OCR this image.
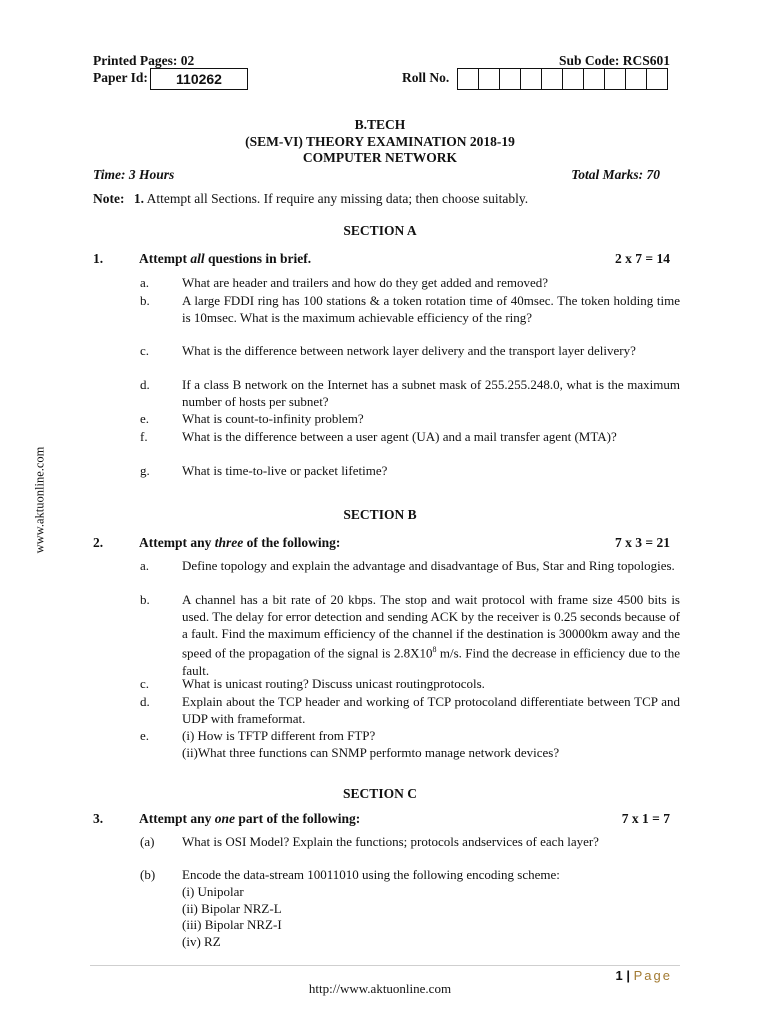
Printed Pages: 02	Sub Code: RCS601
Paper Id:	110262	Roll No.
B.TECH
(SEM-VI) THEORY EXAMINATION 2018-19
COMPUTER NETWORK
Time: 3 Hours	Total Marks: 70
Note: 1. Attempt all Sections. If require any missing data; then choose suitably.
SECTION A
1.	Attempt all questions in brief.	2 x 7 = 14
a.	What are header and trailers and how do they get added and removed?
b. A large FDDI ring has 100 stations & a token rotation time of 40msec. The token holding time is 10msec. What is the maximum achievable efficiency of the ring?
c.	What is the difference between network layer delivery and the transport layer delivery?
d. If a class B network on the Internet has a subnet mask of 255.255.248.0, what is the maximum number of hosts per subnet?
e.	What is count-to-infinity problem?
f.	What is the difference between a user agent (UA) and a mail transfer agent (MTA)?
g. What is time-to-live or packet lifetime?
SECTION B
2.	Attempt any three of the following:	7 x 3 = 21
a.	Define topology and explain the advantage and disadvantage of Bus, Star and Ring topologies.
b. A channel has a bit rate of 20 kbps. The stop and wait protocol with frame size 4500 bits is used. The delay for error detection and sending ACK by the receiver is 0.25 seconds because of a fault. Find the maximum efficiency of the channel if the destination is 30000km away and the speed of the propagation of the signal is $2.8X10^8$ m/s. Find the decrease in efficiency due to the fault.
c.	What is unicast routing? Discuss unicast routingprotocols.
d. Explain about the TCP header and working of TCP protocoland differentiate between TCP and UDP with frameformat.
e.	(i) How is TFTP different from FTP?
(ii)What three functions can SNMP performto manage network devices?
SECTION C
3.	Attempt any one part of the following:	7 x 1 = 7
(a) What is OSI Model? Explain the functions; protocols andservices of each layer?
(b) Encode the data-stream 10011010 using the following encoding scheme:
(i) Unipolar
(ii) Bipolar NRZ-L
(iii) Bipolar NRZ-I
(iv) RZ
www.aktuonline.com
1 | Page
http://www.aktuonline.com
